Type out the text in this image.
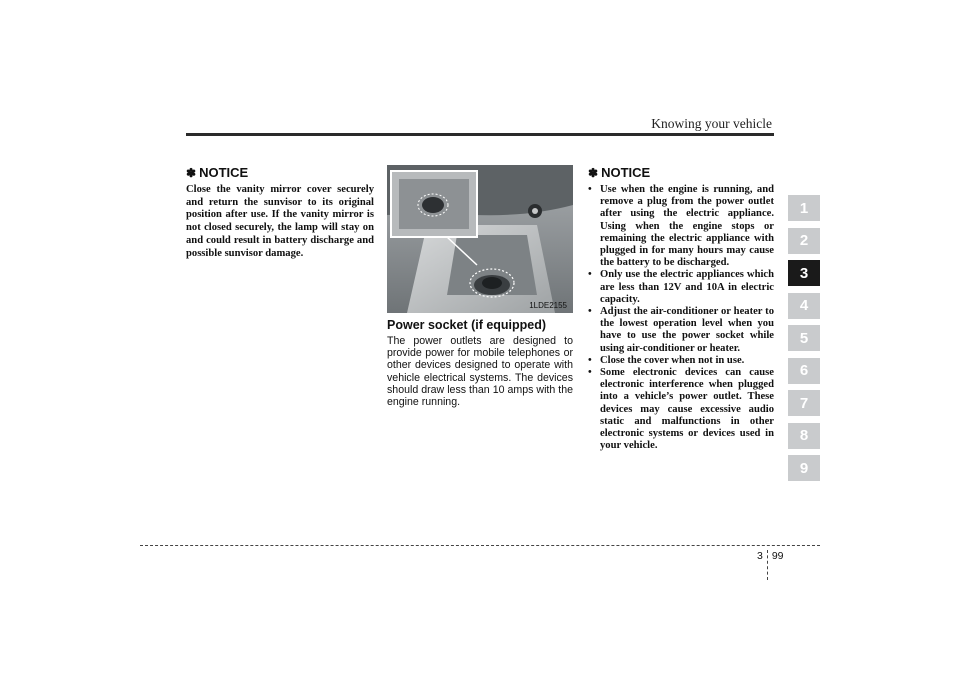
Knowing your vehicle
✽ NOTICE

Close the vanity mirror cover securely and return the sunvisor to its original position after use. If the vanity mirror is not closed securely, the lamp will stay on and could result in battery discharge and possible sunvisor damage.

1LDE2155
Power socket (if equipped)

The power outlets are designed to provide power for mobile telephones or other devices designed to operate with vehicle electrical systems. The devices should draw less than 10 amps with the engine running.

✽ NOTICE
• Use when the engine is running, and remove a plug from the power outlet after using the electric appliance. Using when the engine stops or remaining the electric appliance with plugged in for many hours may cause the battery to be discharged.
• Only use the electric appliances which are less than 12V and 10A in electric capacity.
• Adjust the air-conditioner or heater to the lowest operation level when you have to use the power socket while using air-conditioner or heater.
• Close the cover when not in use.
• Some electronic devices can cause electronic interference when plugged into a vehicle’s power outlet. These devices may cause excessive audio static and malfunctions in other electronic systems or devices used in your vehicle.
1
2
3
4
5
6
7
8
9
3 99
